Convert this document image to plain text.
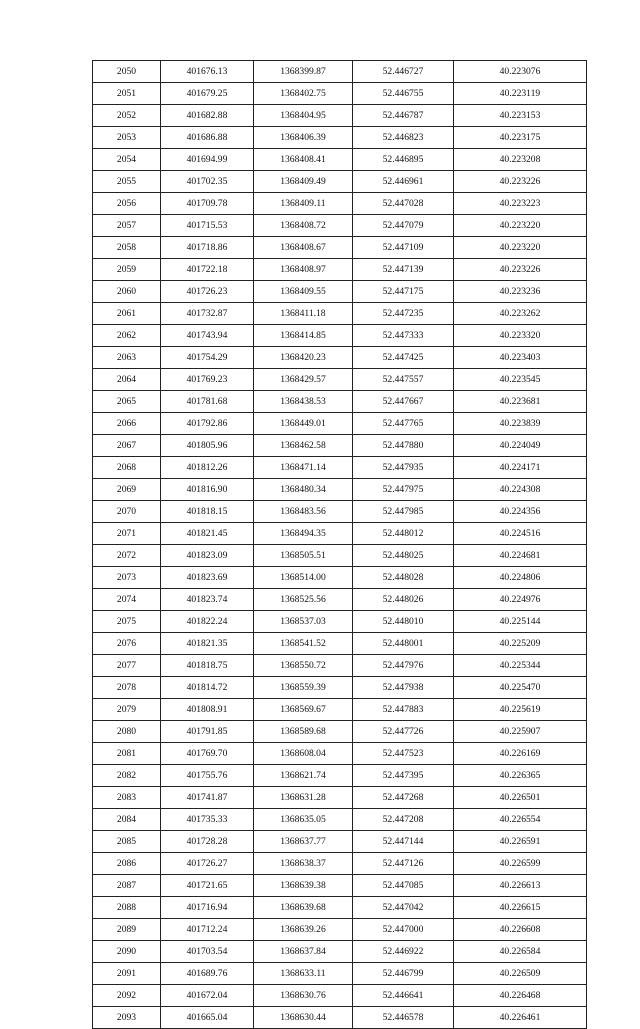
2050	401676.13	1368399.87	52.446727	40.223076
2051	401679.25	1368402.75	52.446755	40.223119
2052	401682.88	1368404.95	52.446787	40.223153
2053	401686.88	1368406.39	52.446823	40.223175
2054	401694.99	1368408.41	52.446895	40.223208
2055	401702.35	1368409.49	52.446961	40.223226
2056	401709.78	1368409.11	52.447028	40.223223
2057	401715.53	1368408.72	52.447079	40.223220
2058	401718.86	1368408.67	52.447109	40.223220
2059	401722.18	1368408.97	52.447139	40.223226
2060	401726.23	1368409.55	52.447175	40.223236
2061	401732.87	1368411.18	52.447235	40.223262
2062	401743.94	1368414.85	52.447333	40.223320
2063	401754.29	1368420.23	52.447425	40.223403
2064	401769.23	1368429.57	52.447557	40.223545
2065	401781.68	1368438.53	52.447667	40.223681
2066	401792.86	1368449.01	52.447765	40.223839
2067	401805.96	1368462.58	52.447880	40.224049
2068	401812.26	1368471.14	52.447935	40.224171
2069	401816.90	1368480.34	52.447975	40.224308
2070	401818.15	1368483.56	52.447985	40.224356
2071	401821.45	1368494.35	52.448012	40.224516
2072	401823.09	1368505.51	52.448025	40.224681
2073	401823.69	1368514.00	52.448028	40.224806
2074	401823.74	1368525.56	52.448026	40.224976
2075	401822.24	1368537.03	52.448010	40.225144
2076	401821.35	1368541.52	52.448001	40.225209
2077	401818.75	1368550.72	52.447976	40.225344
2078	401814.72	1368559.39	52.447938	40.225470
2079	401808.91	1368569.67	52.447883	40.225619
2080	401791.85	1368589.68	52.447726	40.225907
2081	401769.70	1368608.04	52.447523	40.226169
2082	401755.76	1368621.74	52.447395	40.226365
2083	401741.87	1368631.28	52.447268	40.226501
2084	401735.33	1368635.05	52.447208	40.226554
2085	401728.28	1368637.77	52.447144	40.226591
2086	401726.27	1368638.37	52.447126	40.226599
2087	401721.65	1368639.38	52.447085	40.226613
2088	401716.94	1368639.68	52.447042	40.226615
2089	401712.24	1368639.26	52.447000	40.226608
2090	401703.54	1368637.84	52.446922	40.226584
2091	401689.76	1368633.11	52.446799	40.226509
2092	401672.04	1368630.76	52.446641	40.226468
2093	401665.04	1368630.44	52.446578	40.226461
